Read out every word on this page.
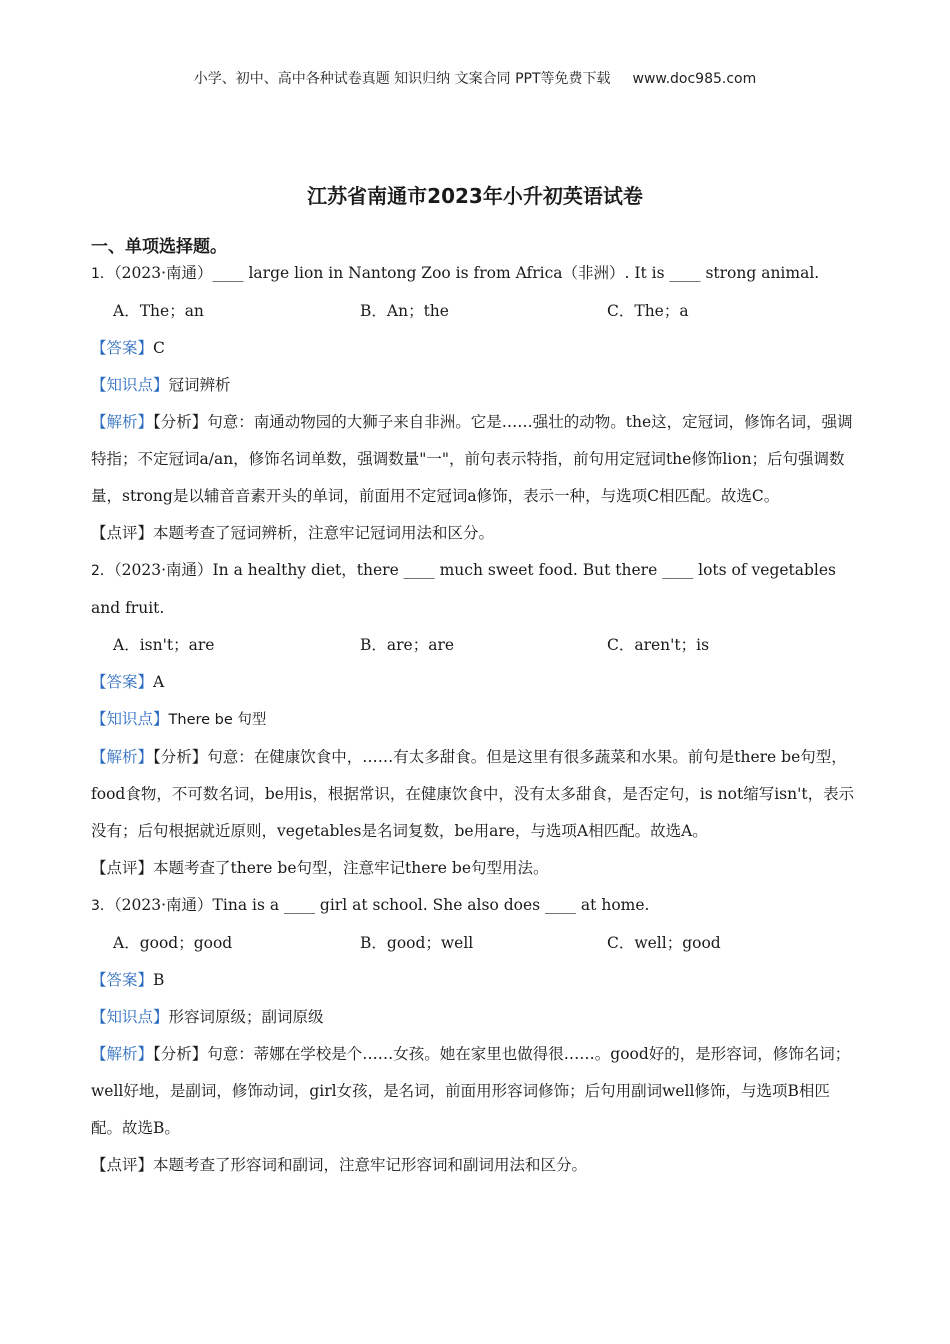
小学、初中、高中各种试卷真题 知识归纳 文案合同 PPT等免费下载 www.doc985.com
江苏省南通市2023年小升初英语试卷
一、单项选择题。
1．（2023·南通）____ large lion in Nantong Zoo is from Africa（非洲）. It is ____ strong animal.
A．The；an	B．An；the	C．The；a
【答案】C
【知识点】冠词辨析
【解析】【分析】句意：南通动物园的大狮子来自非洲。它是……强壮的动物。the这，定冠词，修饰名词，强调特指；不定冠词a/an，修饰名词单数，强调数量"一"，前句表示特指，前句用定冠词the修饰lion；后句强调数量，strong是以辅音音素开头的单词，前面用不定冠词a修饰，表示一种，与选项C相匹配。故选C。
【点评】本题考查了冠词辨析，注意牢记冠词用法和区分。
2．（2023·南通）In a healthy diet，there ____ much sweet food. But there ____ lots of vegetables and fruit.
A．isn't；are	B．are；are	C．aren't；is
【答案】A
【知识点】There be 句型
【解析】【分析】句意：在健康饮食中，……有太多甜食。但是这里有很多蔬菜和水果。前句是there be句型，food食物，不可数名词，be用is，根据常识，在健康饮食中，没有太多甜食，是否定句，is not缩写isn't，表示没有；后句根据就近原则，vegetables是名词复数，be用are，与选项A相匹配。故选A。
【点评】本题考查了there be句型，注意牢记there be句型用法。
3．（2023·南通）Tina is a ____ girl at school. She also does ____ at home.
A．good；good	B．good；well	C．well；good
【答案】B
【知识点】形容词原级；副词原级
【解析】【分析】句意：蒂娜在学校是个……女孩。她在家里也做得很……。good好的，是形容词，修饰名词；well好地，是副词，修饰动词，girl女孩，是名词，前面用形容词修饰；后句用副词well修饰，与选项B相匹配。故选B。
【点评】本题考查了形容词和副词，注意牢记形容词和副词用法和区分。
